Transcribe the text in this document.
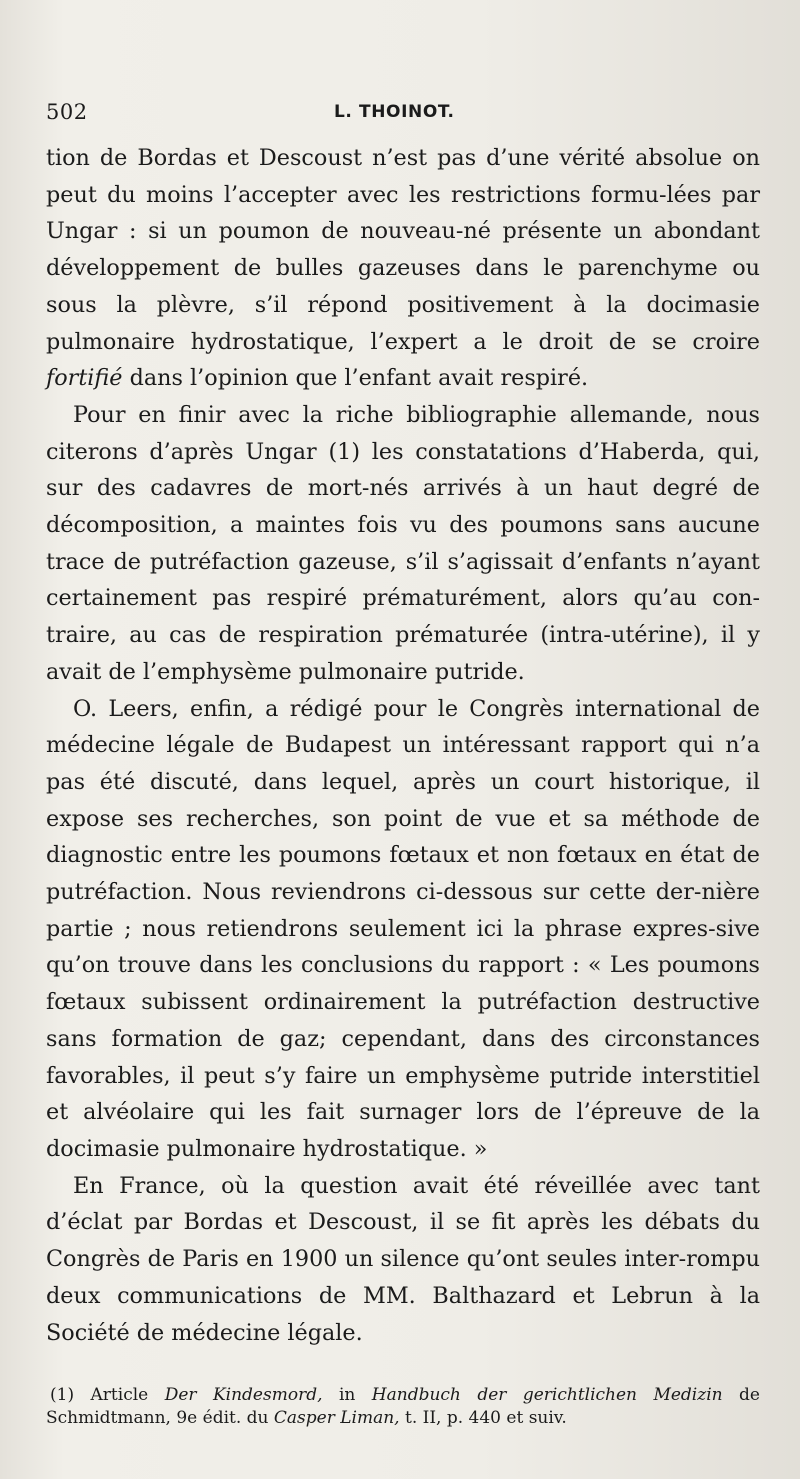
502	L. THOINOT.

tion de Bordas et Descoust n’est pas d’une vérité absolue on peut du moins l’accepter avec les restrictions formu-lées par Ungar : si un poumon de nouveau-né présente un abondant développement de bulles gazeuses dans le parenchyme ou sous la plèvre, s’il répond positivement à la docimasie pulmonaire hydrostatique, l’expert a le droit de se croire fortifié dans l’opinion que l’enfant avait respiré.

Pour en finir avec la riche bibliographie allemande, nous citerons d’après Ungar (1) les constatations d’Haberda, qui, sur des cadavres de mort-nés arrivés à un haut degré de décomposition, a maintes fois vu des poumons sans aucune trace de putréfaction gazeuse, s’il s’agissait d’enfants n’ayant certainement pas respiré prématurément, alors qu’au con-traire, au cas de respiration prématurée (intra-utérine), il y avait de l’emphysème pulmonaire putride.

O. Leers, enfin, a rédigé pour le Congrès international de médecine légale de Budapest un intéressant rapport qui n’a pas été discuté, dans lequel, après un court historique, il expose ses recherches, son point de vue et sa méthode de diagnostic entre les poumons fœtaux et non fœtaux en état de putréfaction. Nous reviendrons ci-dessous sur cette der-nière partie ; nous retiendrons seulement ici la phrase expres-sive qu’on trouve dans les conclusions du rapport : « Les poumons fœtaux subissent ordinairement la putréfaction destructive sans formation de gaz; cependant, dans des circonstances favorables, il peut s’y faire un emphysème putride interstitiel et alvéolaire qui les fait surnager lors de l’épreuve de la docimasie pulmonaire hydrostatique. »

En France, où la question avait été réveillée avec tant d’éclat par Bordas et Descoust, il se fit après les débats du Congrès de Paris en 1900 un silence qu’ont seules inter-rompu deux communications de MM. Balthazard et Lebrun à la Société de médecine légale.

(1) Article Der Kindesmord, in Handbuch der gerichtlichen Medizin de Schmidtmann, 9e édit. du Casper Liman, t. II, p. 440 et suiv.
